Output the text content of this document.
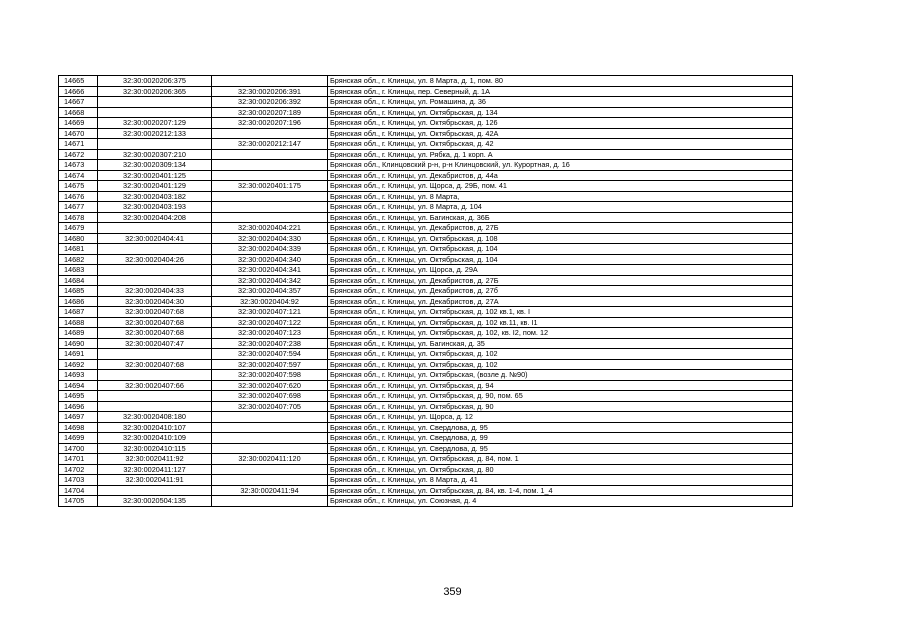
14665	32:30:0020206:375		Брянская обл., г. Клинцы, ул. 8 Марта, д. 1, пом. 80
14666	32:30:0020206:365	32:30:0020206:391	Брянская обл., г. Клинцы, пер. Северный, д. 1А
14667		32:30:0020206:392	Брянская обл., г. Клинцы, ул. Ромашина, д. 36
14668		32:30:0020207:189	Брянская обл., г. Клинцы, ул. Октябрьская, д. 134
14669	32:30:0020207:129	32:30:0020207:196	Брянская обл., г. Клинцы, ул. Октябрьская, д. 126
14670	32:30:0020212:133		Брянская обл., г. Клинцы, ул. Октябрьская, д. 42А
14671		32:30:0020212:147	Брянская обл., г. Клинцы, ул. Октябрьская, д. 42
14672	32:30:0020307:210		Брянская обл., г. Клинцы, ул. Рябка, д. 1 корп. А
14673	32:30:0020309:134		Брянская обл., Клинцовский р-н, р-н Клинцовский, ул. Курортная, д. 16
14674	32:30:0020401:125		Брянская обл., г. Клинцы, ул. Декабристов, д. 44а
14675	32:30:0020401:129	32:30:0020401:175	Брянская обл., г. Клинцы, ул. Щорса, д. 29Б, пом. 41
14676	32:30:0020403:182		Брянская обл., г. Клинцы, ул. 8 Марта,
14677	32:30:0020403:193		Брянская обл., г. Клинцы, ул. 8 Марта, д. 104
14678	32:30:0020404:208		Брянская обл., г. Клинцы, ул. Багинская, д. 36Б
14679		32:30:0020404:221	Брянская обл., г. Клинцы, ул. Декабристов, д. 27Б
14680	32:30:0020404:41	32:30:0020404:330	Брянская обл., г. Клинцы, ул. Октябрьская, д. 108
14681		32:30:0020404:339	Брянская обл., г. Клинцы, ул. Октябрьская, д. 104
14682	32:30:0020404:26	32:30:0020404:340	Брянская обл., г. Клинцы, ул. Октябрьская, д. 104
14683		32:30:0020404:341	Брянская обл., г. Клинцы, ул. Щорса, д. 29А
14684		32:30:0020404:342	Брянская обл., г. Клинцы, ул. Декабристов, д. 27Б
14685	32:30:0020404:33	32:30:0020404:357	Брянская обл., г. Клинцы, ул. Декабристов, д. 27б
14686	32:30:0020404:30	32:30:0020404:92	Брянская обл., г. Клинцы, ул. Декабристов, д. 27А
14687	32:30:0020407:68	32:30:0020407:121	Брянская обл., г. Клинцы, ул. Октябрьская, д. 102 кв.1, кв. I
14688	32:30:0020407:68	32:30:0020407:122	Брянская обл., г. Клинцы, ул. Октябрьская, д. 102 кв.11, кв. I1
14689	32:30:0020407:68	32:30:0020407:123	Брянская обл., г. Клинцы, ул. Октябрьская, д. 102, кв. I2, пом. 12
14690	32:30:0020407:47	32:30:0020407:238	Брянская обл., г. Клинцы, ул. Багинская, д. 35
14691		32:30:0020407:594	Брянская обл., г. Клинцы, ул. Октябрьская, д. 102
14692	32:30:0020407:68	32:30:0020407:597	Брянская обл., г. Клинцы, ул. Октябрьская, д. 102
14693		32:30:0020407:598	Брянская обл., г. Клинцы, ул. Октябрьская, (возле д. №90)
14694	32:30:0020407:66	32:30:0020407:620	Брянская обл., г. Клинцы, ул. Октябрьская, д. 94
14695		32:30:0020407:698	Брянская обл., г. Клинцы, ул. Октябрьская, д. 90, пом. 65
14696		32:30:0020407:705	Брянская обл., г. Клинцы, ул. Октябрьская, д. 90
14697	32:30:0020408:180		Брянская обл., г. Клинцы, ул. Щорса, д. 12
14698	32:30:0020410:107		Брянская обл., г. Клинцы, ул. Свердлова, д. 95
14699	32:30:0020410:109		Брянская обл., г. Клинцы, ул. Свердлова, д. 99
14700	32:30:0020410:115		Брянская обл., г. Клинцы, ул. Свердлова, д. 95
14701	32:30:0020411:92	32:30:0020411:120	Брянская обл., г. Клинцы, ул. Октябрьская, д. 84, пом. 1
14702	32:30:0020411:127		Брянская обл., г. Клинцы, ул. Октябрьская, д. 80
14703	32:30:0020411:91		Брянская обл., г. Клинцы, ул. 8 Марта, д. 41
14704		32:30:0020411:94	Брянская обл., г. Клинцы, ул. Октябрьская, д. 84, кв. 1-4, пом. 1_4
14705	32:30:0020504:135		Брянская обл., г. Клинцы, ул. Союзная, д. 4
359
